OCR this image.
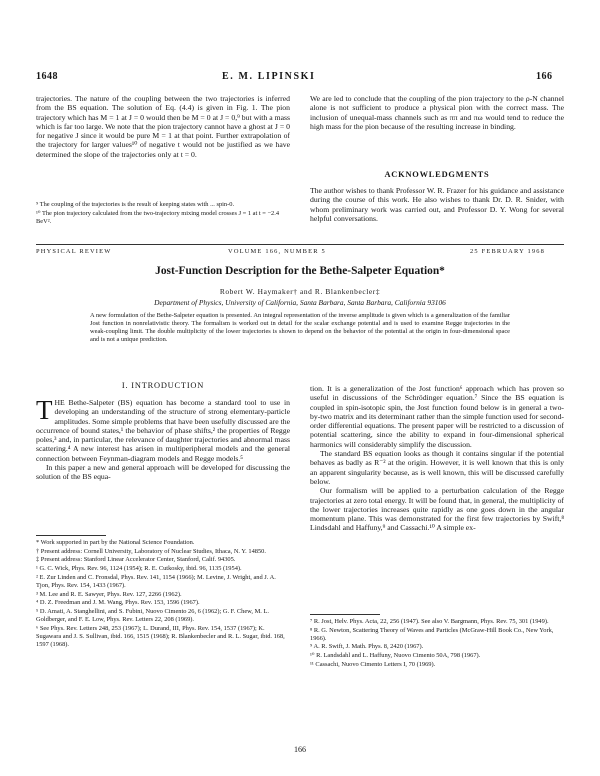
1648	E. M. LIPINSKI	166
trajectories. The nature of the coupling between the two trajectories is inferred from the BS equation. The solution of Eq. (4.4) is given in Fig. 1. The pion trajectory which has M = 1 at J = 0 would then be M = 0 at J = 0,⁹ but with a mass which is far too large. We note that the pion trajectory cannot have a ghost at J = 0 for negative J since it would be pure M = 1 at that point. Further extrapolation of the trajectory for larger values¹⁰ of negative t would not be justified as we have determined the slope of the trajectories only at t = 0.

⁹ The coupling of the trajectories is the result of keeping states with ... spin-0.

¹⁰ The pion trajectory calculated from the two-trajectory mixing model crosses J = 1 at t = −2.4 BeV².

We are led to conclude that the coupling of the pion trajectory to the ρ-N channel alone is not sufficient to produce a physical pion with the correct mass. The inclusion of unequal-mass channels such as ππ and πω would tend to reduce the high mass for the pion because of the resulting increase in binding.
ACKNOWLEDGMENTS
The author wishes to thank Professor W. R. Frazer for his guidance and assistance during the course of this work. He also wishes to thank Dr. D. R. Snider, with whom preliminary work was carried out, and Professor D. Y. Wong for several helpful conversations.
PHYSICAL REVIEW	VOLUME 166, NUMBER 5	25 FEBRUARY 1968
Jost-Function Description for the Bethe-Salpeter Equation*
Robert W. Haymaker† and R. Blankenbecler‡
Department of Physics, University of California, Santa Barbara, Santa Barbara, California 93106
A new formulation of the Bethe-Salpeter equation is presented. An integral representation of the inverse amplitude is given which is a generalization of the familiar Jost function in nonrelativistic theory. The formalism is worked out in detail for the scalar exchange potential and is used to examine Regge trajectories in the weak-coupling limit. The double multiplicity of the lower trajectories is shown to depend on the behavior of the potential at the origin in four-dimensional space and is not a unique prediction.
I. INTRODUCTION

THE Bethe-Salpeter (BS) equation has become a standard tool to use in developing an understanding of the structure of strong elementary-particle amplitudes. Some simple problems that have been usefully discussed are the occurrence of bound states,¹ the behavior of phase shifts,² the properties of Regge poles,³ and, in particular, the relevance of daughter trajectories and abnormal mass scattering.⁴ A new interest has arisen in multiperipheral models and the general connection between Feynman-diagram models and Regge models.⁵

In this paper a new and general approach will be developed for discussing the solution of the BS equa-

* Work supported in part by the National Science Foundation.

† Present address: Cornell University, Laboratory of Nuclear Studies, Ithaca, N. Y. 14850.

‡ Present address: Stanford Linear Accelerator Center, Stanford, Calif. 94305.

¹ G. C. Wick, Phys. Rev. 96, 1124 (1954); R. E. Cutkosky, ibid. 96, 1135 (1954).

² E. Zur Linden and C. Fronsdal, Phys. Rev. 141, 1154 (1966); M. Levine, J. Wright, and J. A. Tjon, Phys. Rev. 154, 1433 (1967).

³ M. Lee and R. E. Sawyer, Phys. Rev. 127, 2266 (1962).

⁴ D. Z. Freedman and J. M. Wang, Phys. Rev. 153, 1596 (1967).

⁵ D. Amati, A. Stanghellini, and S. Fubini, Nuovo Cimento 26, 6 (1962); G. F. Chew, M. L. Goldberger, and F. E. Low, Phys. Rev. Letters 22, 208 (1969).

⁶ See Phys. Rev. Letters 248, 253 (1967); L. Durand, III, Phys. Rev. 154, 1537 (1967); K. Sugawara and J. S. Sullivan, ibid. 166, 1515 (1968); R. Blankenbecler and R. L. Sugar, ibid. 168, 1597 (1968).

tion. It is a generalization of the Jost function⁶ approach which has proven so useful in discussions of the Schrödinger equation.⁷ Since the BS equation is coupled in spin-isotopic spin, the Jost function found below is in general a two-by-two matrix and its determinant rather than the simple function used for second-order differential equations. The present paper will be restricted to a discussion of potential scattering, since the ability to expand in four-dimensional spherical harmonics will considerably simplify the discussion.

The standard BS equation looks as though it contains singular if the potential behaves as badly as R⁻² at the origin. However, it is well known that this is only an apparent singularity because, as is well known, this will be discussed carefully below.

Our formalism will be applied to a perturbation calculation of the Regge trajectories at zero total energy. It will be found that, in general, the multiplicity of the lower trajectories increases quite rapidly as one goes down in the angular momentum plane. This was demonstrated for the first few trajectories by Swift,⁸ Lindsdahl and Haffuny,⁹ and Cassachi.¹⁰ A simple ex-

⁷ R. Jost, Helv. Phys. Acta, 22, 256 (1947). See also V. Bargmann, Phys. Rev. 75, 301 (1949).

⁸ R. G. Newton, Scattering Theory of Waves and Particles (McGraw-Hill Book Co., New York, 1966).

⁹ A. R. Swift, J. Math. Phys. 8, 2420 (1967).

¹⁰ R. Landsdahl and L. Haffuny, Nuovo Cimento 50A, 798 (1967).

¹¹ Cassachi, Nuovo Cimento Letters I, 70 (1969).

166
